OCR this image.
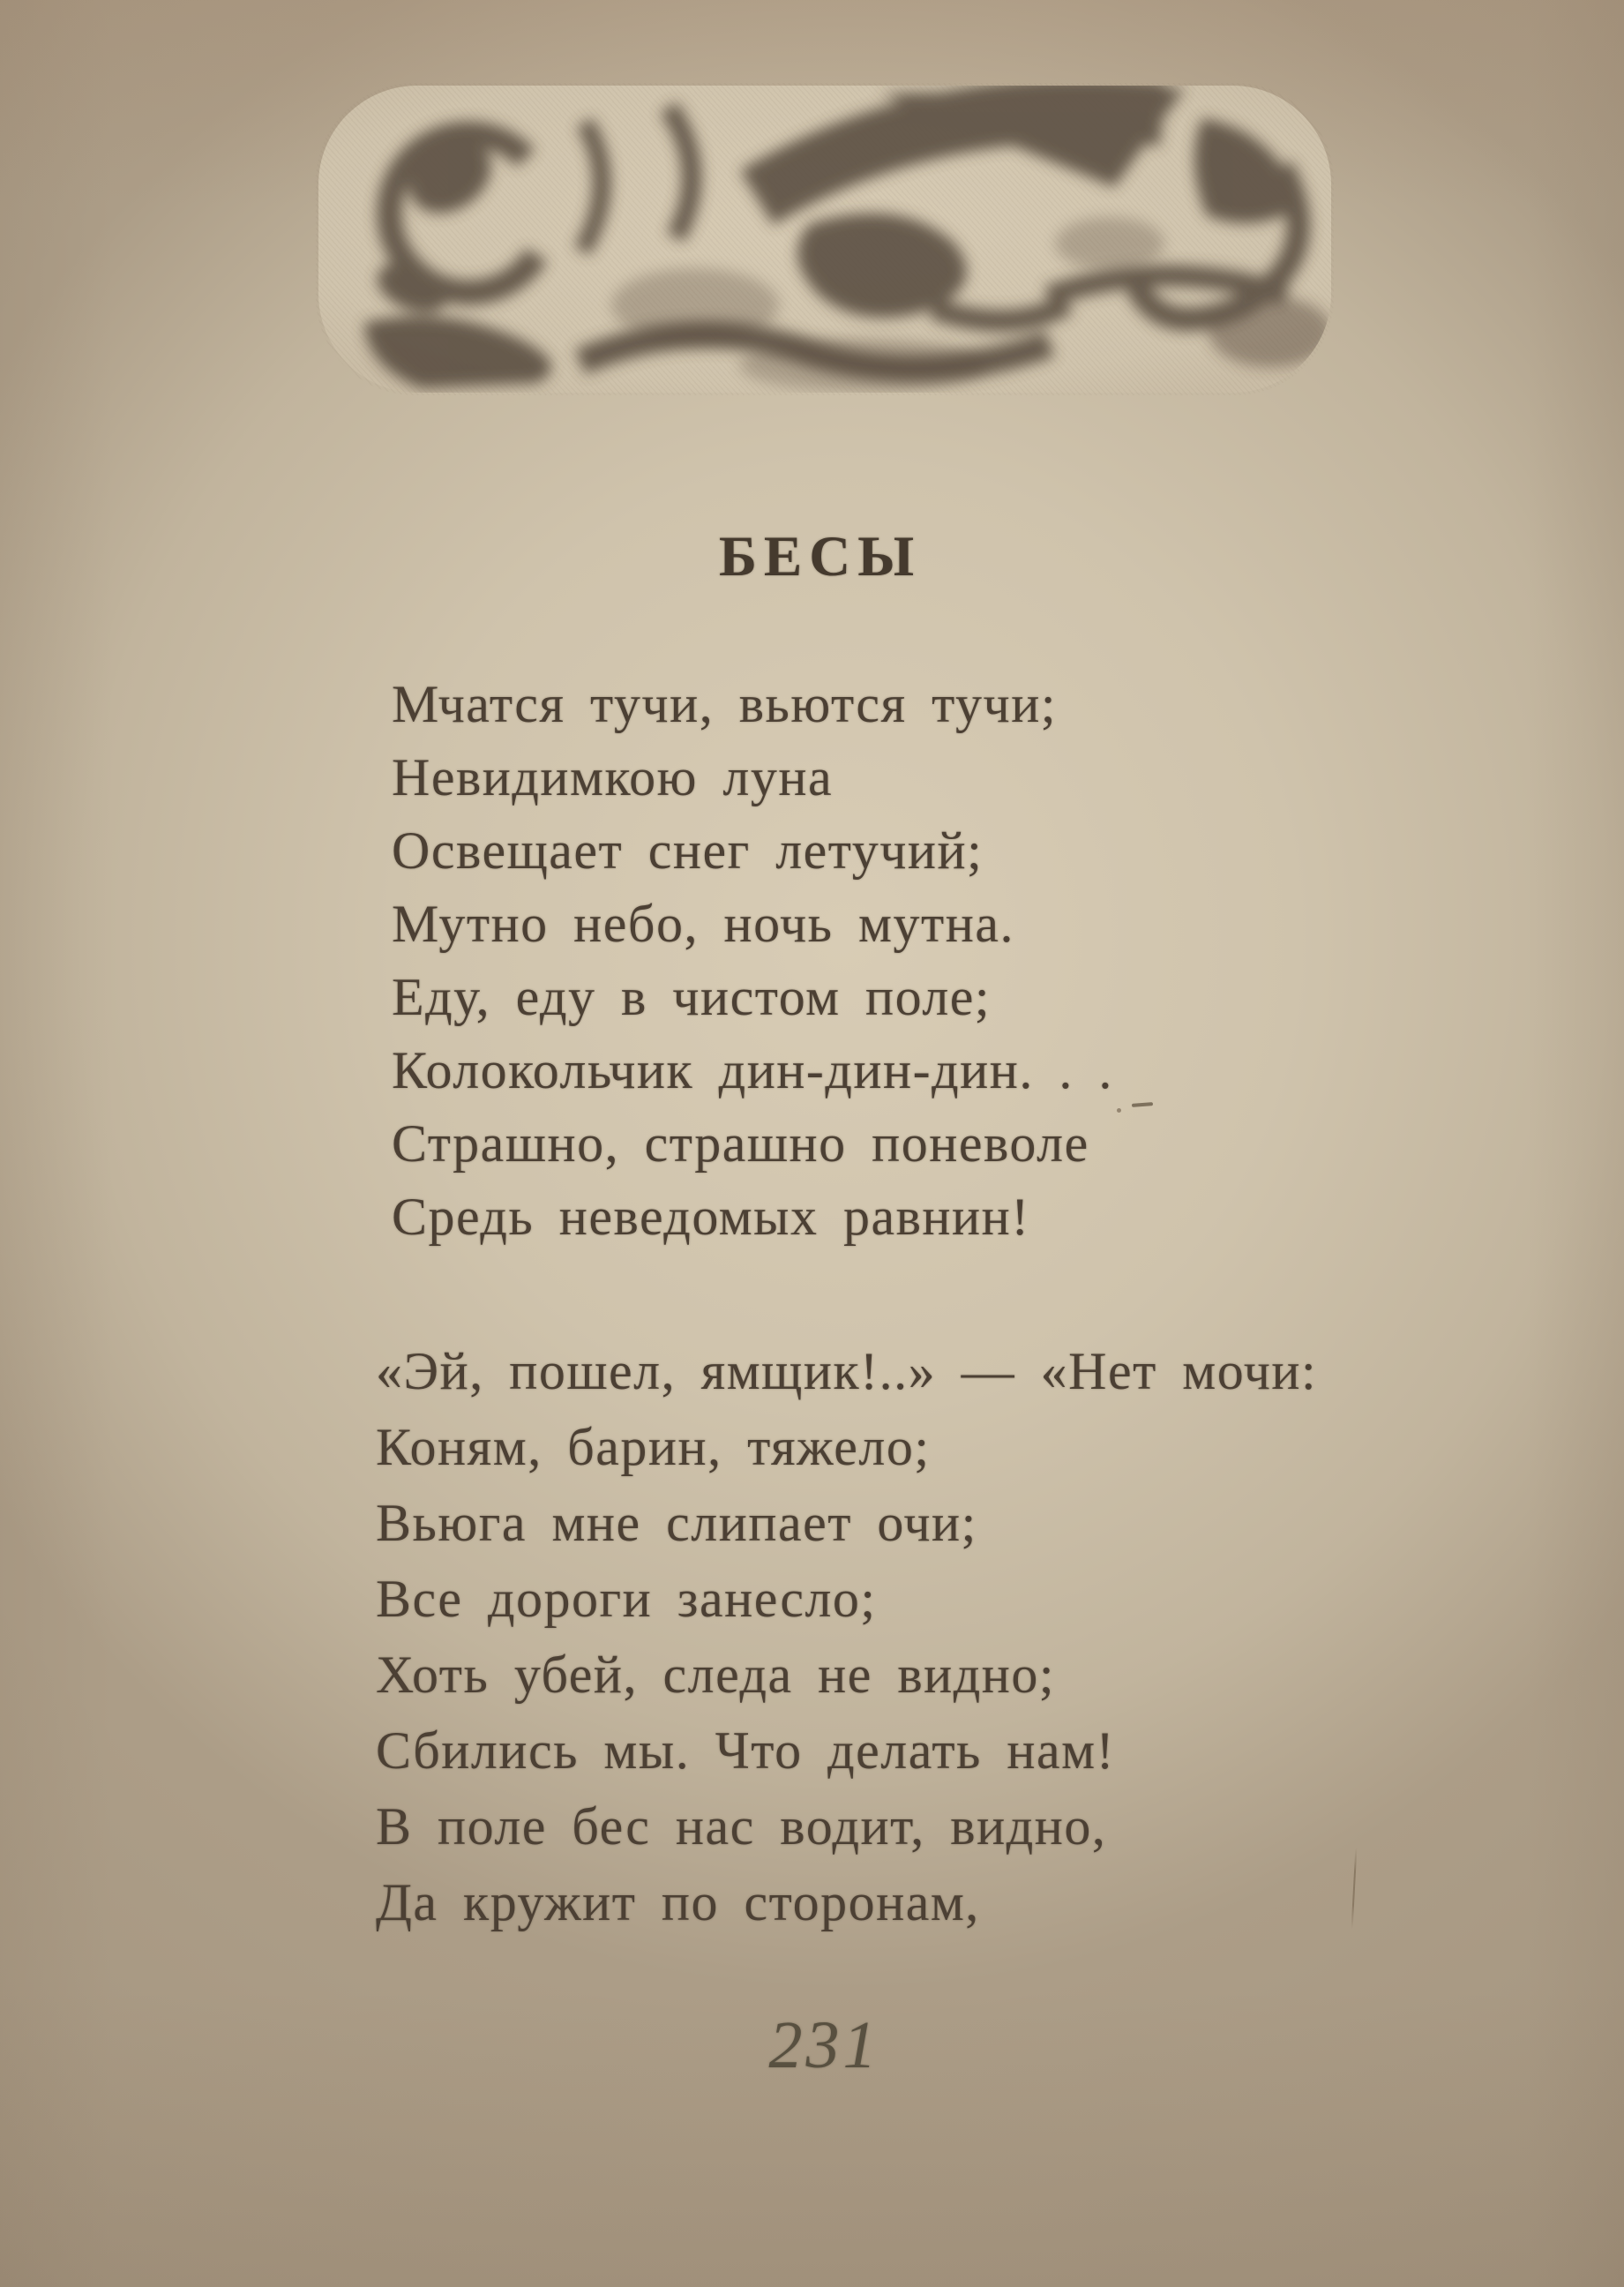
БЕСЫ
Мчатся тучи, вьются тучи;
Невидимкою луна
Освещает снег летучий;
Мутно небо, ночь мутна.
Еду, еду в чистом поле;
Колокольчик дин-дин-дин. . .
Страшно, страшно поневоле
Средь неведомых равнин!
«Эй, пошел, ямщик!..» — «Нет мочи:
Коням, барин, тяжело;
Вьюга мне слипает очи;
Все дороги занесло;
Хоть убей, следа не видно;
Сбились мы. Что делать нам!
В поле бес нас водит, видно,
Да кружит по сторонам,
231
